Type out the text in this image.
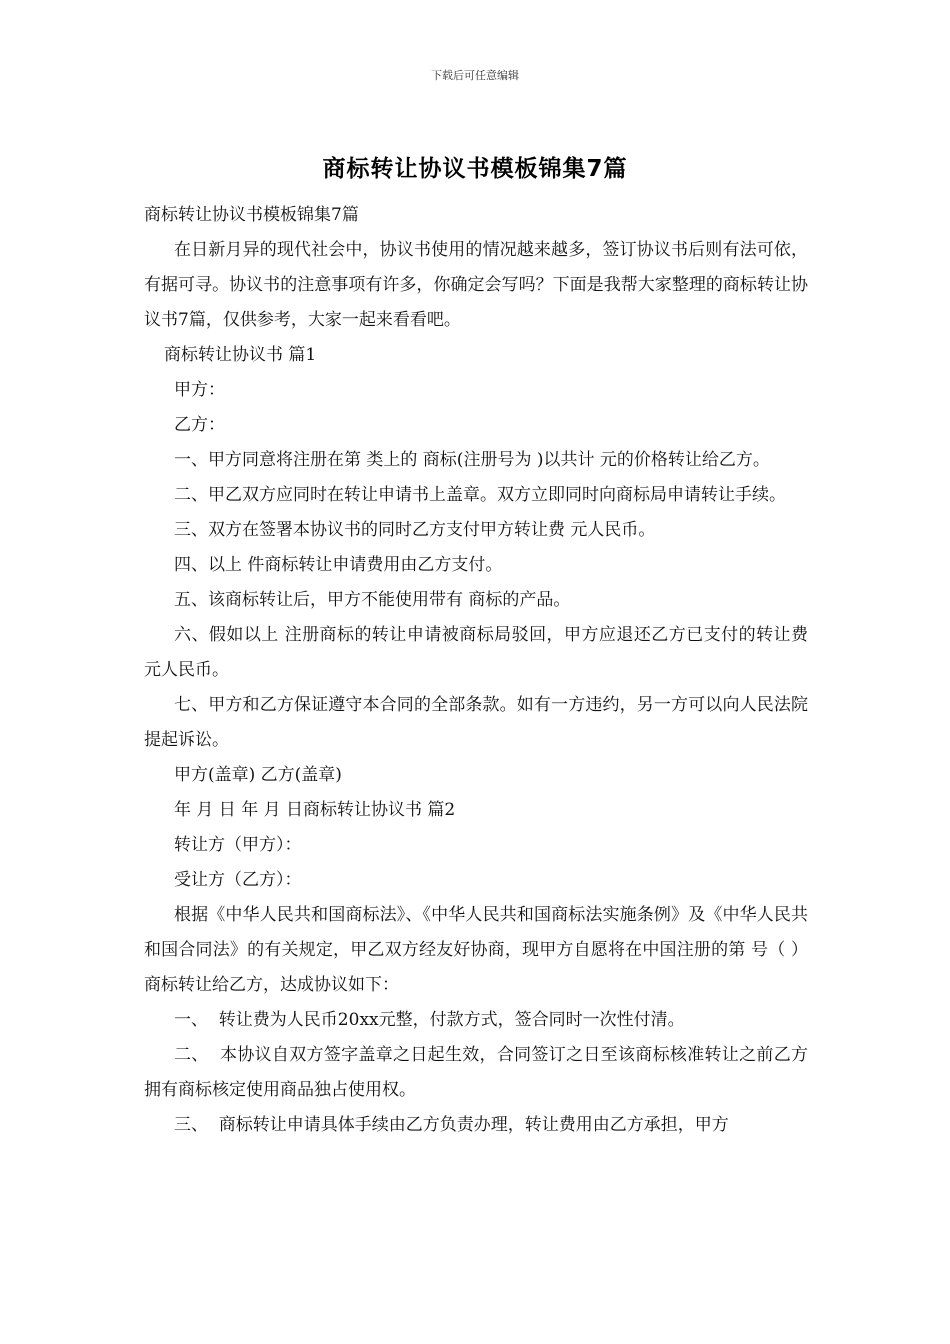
下载后可任意编辑
商标转让协议书模板锦集7篇

商标转让协议书模板锦集7篇

在日新月异的现代社会中，协议书使用的情况越来越多，签订协议书后则有法可依，有据可寻。协议书的注意事项有许多，你确定会写吗？下面是我帮大家整理的商标转让协议书7篇，仅供参考，大家一起来看看吧。

商标转让协议书 篇1

甲方：

乙方：

一、甲方同意将注册在第 类上的 商标(注册号为 )以共计 元的价格转让给乙方。

二、甲乙双方应同时在转让申请书上盖章。双方立即同时向商标局申请转让手续。

三、双方在签署本协议书的同时乙方支付甲方转让费 元人民币。

四、以上 件商标转让申请费用由乙方支付。

五、该商标转让后，甲方不能使用带有 商标的产品。

六、假如以上 注册商标的转让申请被商标局驳回，甲方应退还乙方已支付的转让费 元人民币。

七、甲方和乙方保证遵守本合同的全部条款。如有一方违约，另一方可以向人民法院提起诉讼。

甲方(盖章) 乙方(盖章)

年 月 日 年 月 日商标转让协议书 篇2

转让方（甲方）：

受让方（乙方）：

根据《中华人民共和国商标法》、《中华人民共和国商标法实施条例》及《中华人民共和国合同法》的有关规定，甲乙双方经友好协商，现甲方自愿将在中国注册的第 号（ ）商标转让给乙方，达成协议如下：

一、  转让费为人民币20xx元整，付款方式，签合同时一次性付清。

二、  本协议自双方签字盖章之日起生效，合同签订之日至该商标核准转让之前乙方拥有商标核定使用商品独占使用权。

三、  商标转让申请具体手续由乙方负责办理，转让费用由乙方承担，甲方
